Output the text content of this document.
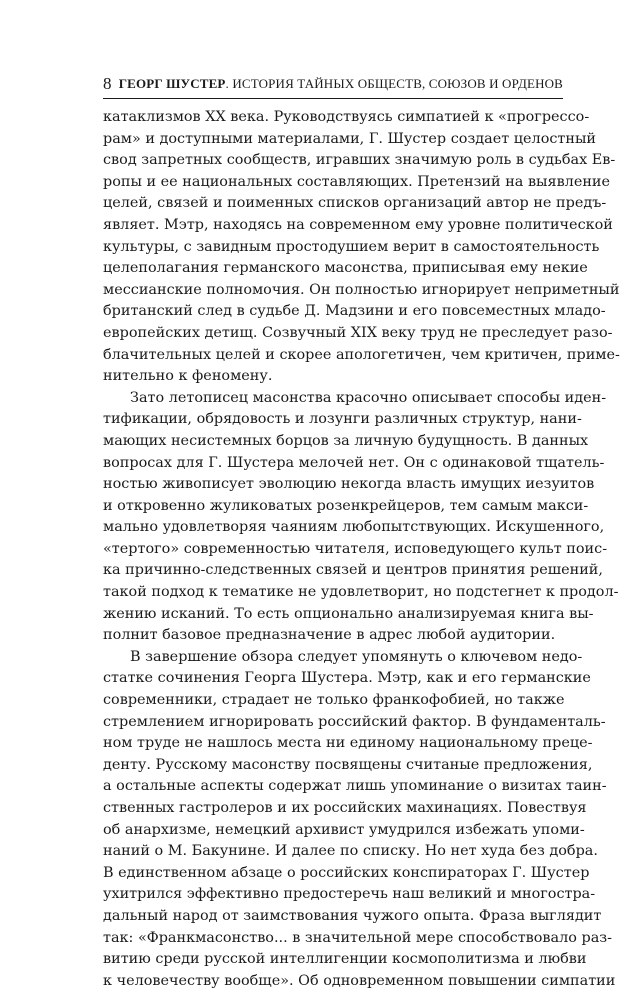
8 ГЕОРГ ШУСТЕР. ИСТОРИЯ ТАЙНЫХ ОБЩЕСТВ, СОЮЗОВ И ОРДЕНОВ
катаклизмов XX века. Руководствуясь симпатией к «прогрессо-
рам» и доступными материалами, Г. Шустер создает целостный
свод запретных сообществ, игравших значимую роль в судьбах Ев-
ропы и ее национальных составляющих. Претензий на выявление
целей, связей и поименных списков организаций автор не предъ-
являет. Мэтр, находясь на современном ему уровне политической
культуры, с завидным простодушием верит в самостоятельность
целеполагания германского масонства, приписывая ему некие
мессианские полномочия. Он полностью игнорирует неприметный
британский след в судьбе Д. Мадзини и его повсеместных младо-
европейских детищ. Созвучный XIX веку труд не преследует разо-
блачительных целей и скорее апологетичен, чем критичен, приме-
нительно к феномену.
Зато летописец масонства красочно описывает способы иден-
тификации, обрядовость и лозунги различных структур, нани-
мающих несистемных борцов за личную будущность. В данных
вопросах для Г. Шустера мелочей нет. Он с одинаковой тщатель-
ностью живописует эволюцию некогда власть имущих иезуитов
и откровенно жуликоватых розенкрейцеров, тем самым макси-
мально удовлетворяя чаяниям любопытствующих. Искушенного,
«тертого» современностью читателя, исповедующего культ поис-
ка причинно-следственных связей и центров принятия решений,
такой подход к тематике не удовлетворит, но подстегнет к продол-
жению исканий. То есть опционально анализируемая книга вы-
полнит базовое предназначение в адрес любой аудитории.
В завершение обзора следует упомянуть о ключевом недо-
статке сочинения Георга Шустера. Мэтр, как и его германские
современники, страдает не только франкофобией, но также
стремлением игнорировать российский фактор. В фундаменталь-
ном труде не нашлось места ни единому национальному преце-
денту. Русскому масонству посвящены считаные предложения,
а остальные аспекты содержат лишь упоминание о визитах таин-
ственных гастролеров и их российских махинациях. Повествуя
об анархизме, немецкий архивист умудрился избежать упоми-
наний о М. Бакунине. И далее по списку. Но нет худа без добра.
В единственном абзаце о российских конспираторах Г. Шустер
ухитрился эффективно предостеречь наш великий и многостра-
дальный народ от заимствования чужого опыта. Фраза выглядит
так: «Франкмасонство... в значительной мере способствовало раз-
витию среди русской интеллигенции космополитизма и любви
к человечеству вообще». Об одновременном повышении симпатии
